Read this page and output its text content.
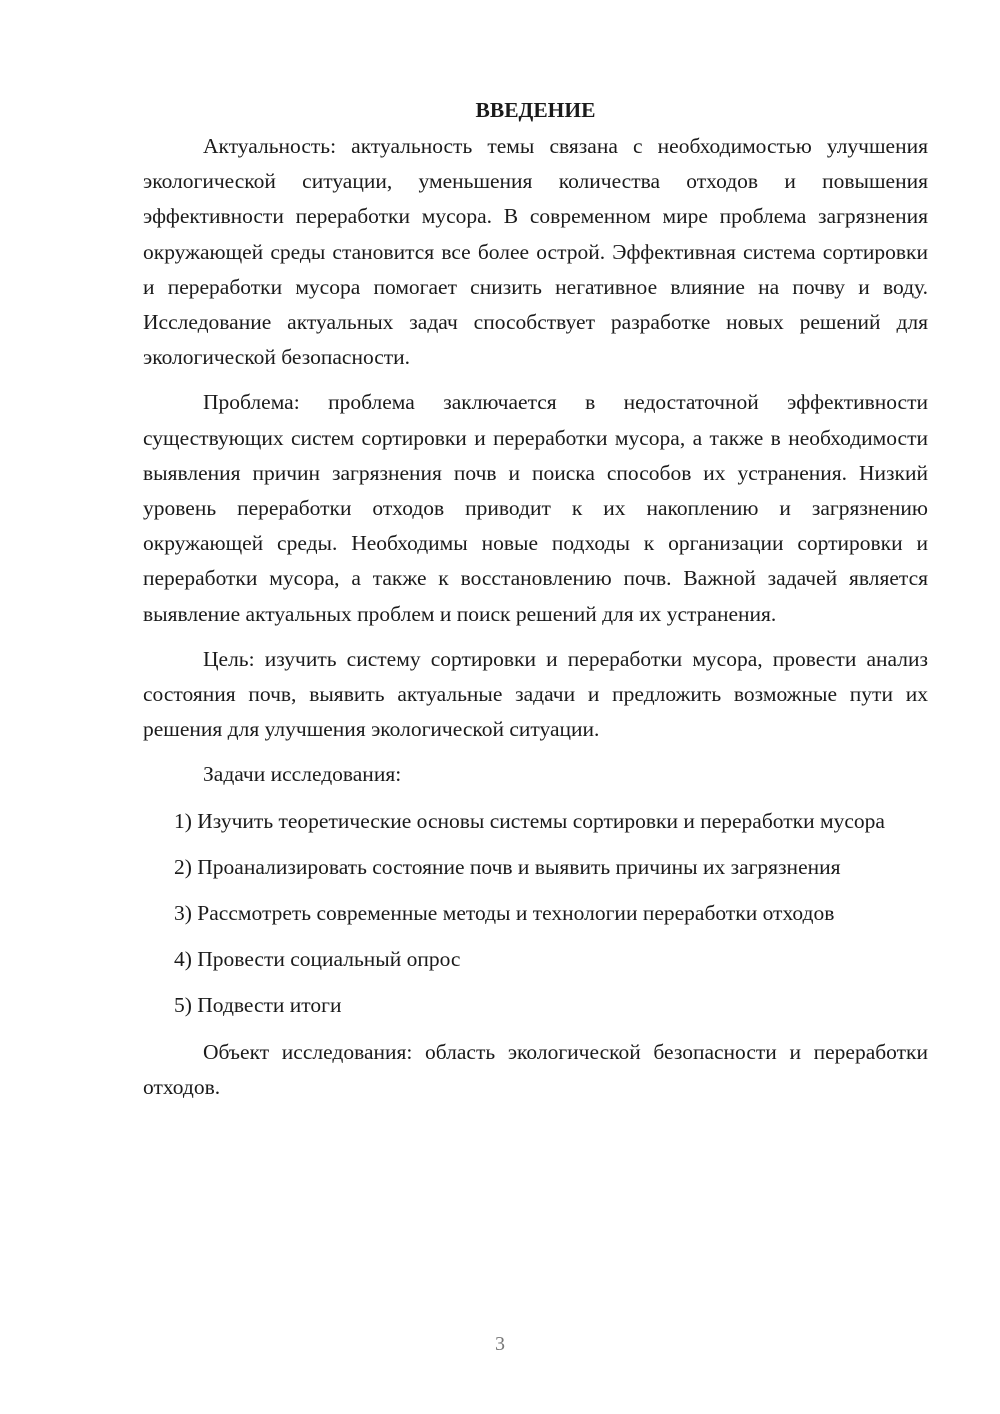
ВВЕДЕНИЕ

Актуальность: актуальность темы связана с необходимостью улучшения экологической ситуации, уменьшения количества отходов и повышения эффективности переработки мусора. В современном мире проблема загрязнения окружающей среды становится все более острой. Эффективная система сортировки и переработки мусора помогает снизить негативное влияние на почву и воду. Исследование актуальных задач способствует разработке новых решений для экологической безопасности.

Проблема: проблема заключается в недостаточной эффективности существующих систем сортировки и переработки мусора, а также в необходимости выявления причин загрязнения почв и поиска способов их устранения. Низкий уровень переработки отходов приводит к их накоплению и загрязнению окружающей среды. Необходимы новые подходы к организации сортировки и переработки мусора, а также к восстановлению почв. Важной задачей является выявление актуальных проблем и поиск решений для их устранения.

Цель: изучить систему сортировки и переработки мусора, провести анализ состояния почв, выявить актуальные задачи и предложить возможные пути их решения для улучшения экологической ситуации.

Задачи исследования:

1) Изучить теоретические основы системы сортировки и переработки мусора

2) Проанализировать состояние почв и выявить причины их загрязнения

3) Рассмотреть современные методы и технологии переработки отходов

4) Провести социальный опрос

5) Подвести итоги

Объект исследования: область экологической безопасности и переработки отходов.

3
